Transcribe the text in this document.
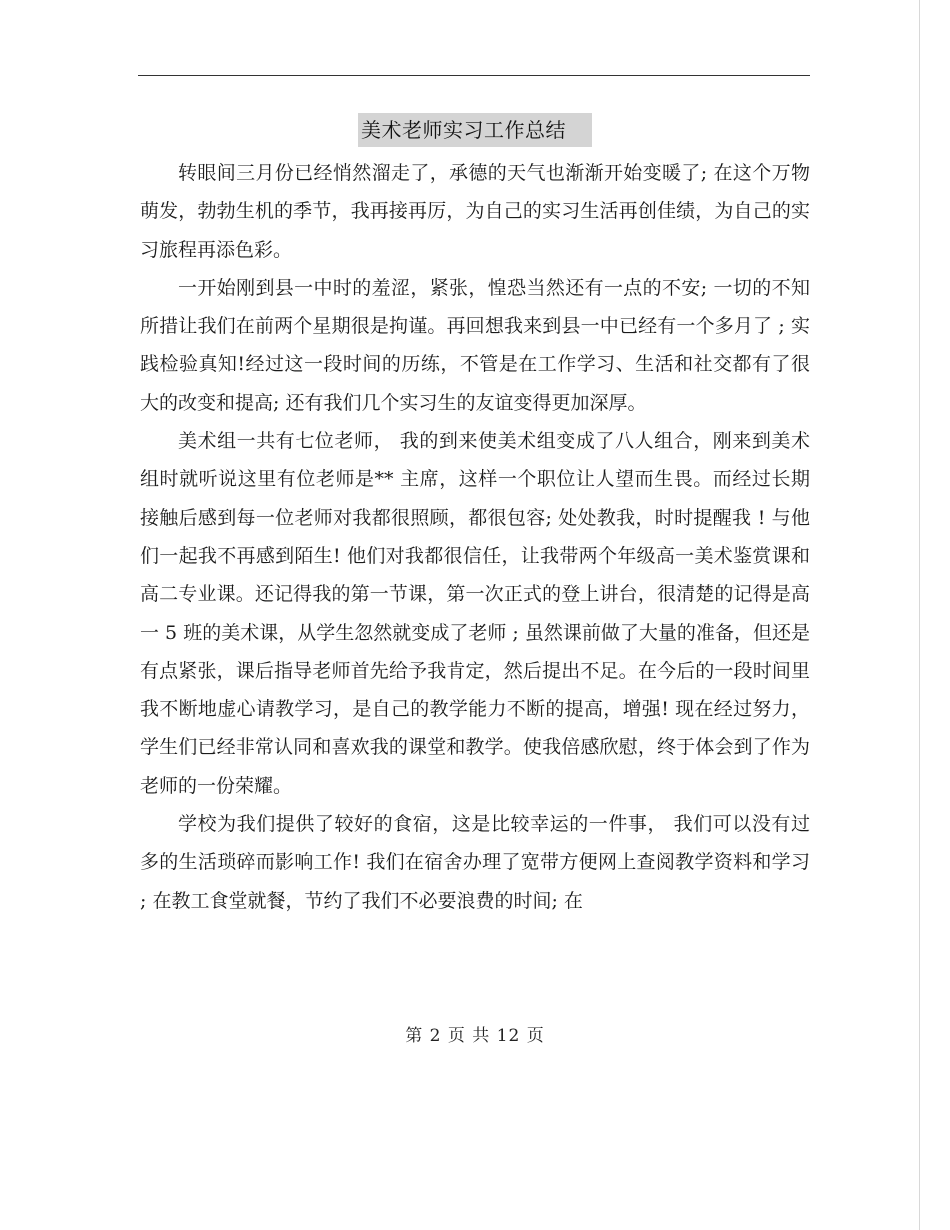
美术老师实习工作总结

转眼间三月份已经悄然溜走了，承德的天气也渐渐开始变暖了; 在这个万物萌发，勃勃生机的季节，我再接再厉，为自己的实习生活再创佳绩，为自己的实习旅程再添色彩。

一开始刚到县一中时的羞涩，紧张，惶恐当然还有一点的不安; 一切的不知所措让我们在前两个星期很是拘谨。再回想我来到县一中已经有一个多月了 ; 实践检验真知!经过这一段时间的历练，不管是在工作学习、生活和社交都有了很大的改变和提高; 还有我们几个实习生的友谊变得更加深厚。

美术组一共有七位老师， 我的到来使美术组变成了八人组合，刚来到美术组时就听说这里有位老师是** 主席，这样一个职位让人望而生畏。而经过长期接触后感到每一位老师对我都很照顾，都很包容; 处处教我，时时提醒我 ! 与他们一起我不再感到陌生! 他们对我都很信任，让我带两个年级高一美术鉴赏课和高二专业课。还记得我的第一节课，第一次正式的登上讲台，很清楚的记得是高一 5 班的美术课，从学生忽然就变成了老师 ; 虽然课前做了大量的准备，但还是有点紧张，课后指导老师首先给予我肯定，然后提出不足。在今后的一段时间里我不断地虚心请教学习，是自己的教学能力不断的提高，增强! 现在经过努力，学生们已经非常认同和喜欢我的课堂和教学。使我倍感欣慰，终于体会到了作为老师的一份荣耀。

学校为我们提供了较好的食宿，这是比较幸运的一件事， 我们可以没有过多的生活琐碎而影响工作! 我们在宿舍办理了宽带方便网上查阅教学资料和学习 ; 在教工食堂就餐，节约了我们不必要浪费的时间; 在

第 2 页 共 12 页
